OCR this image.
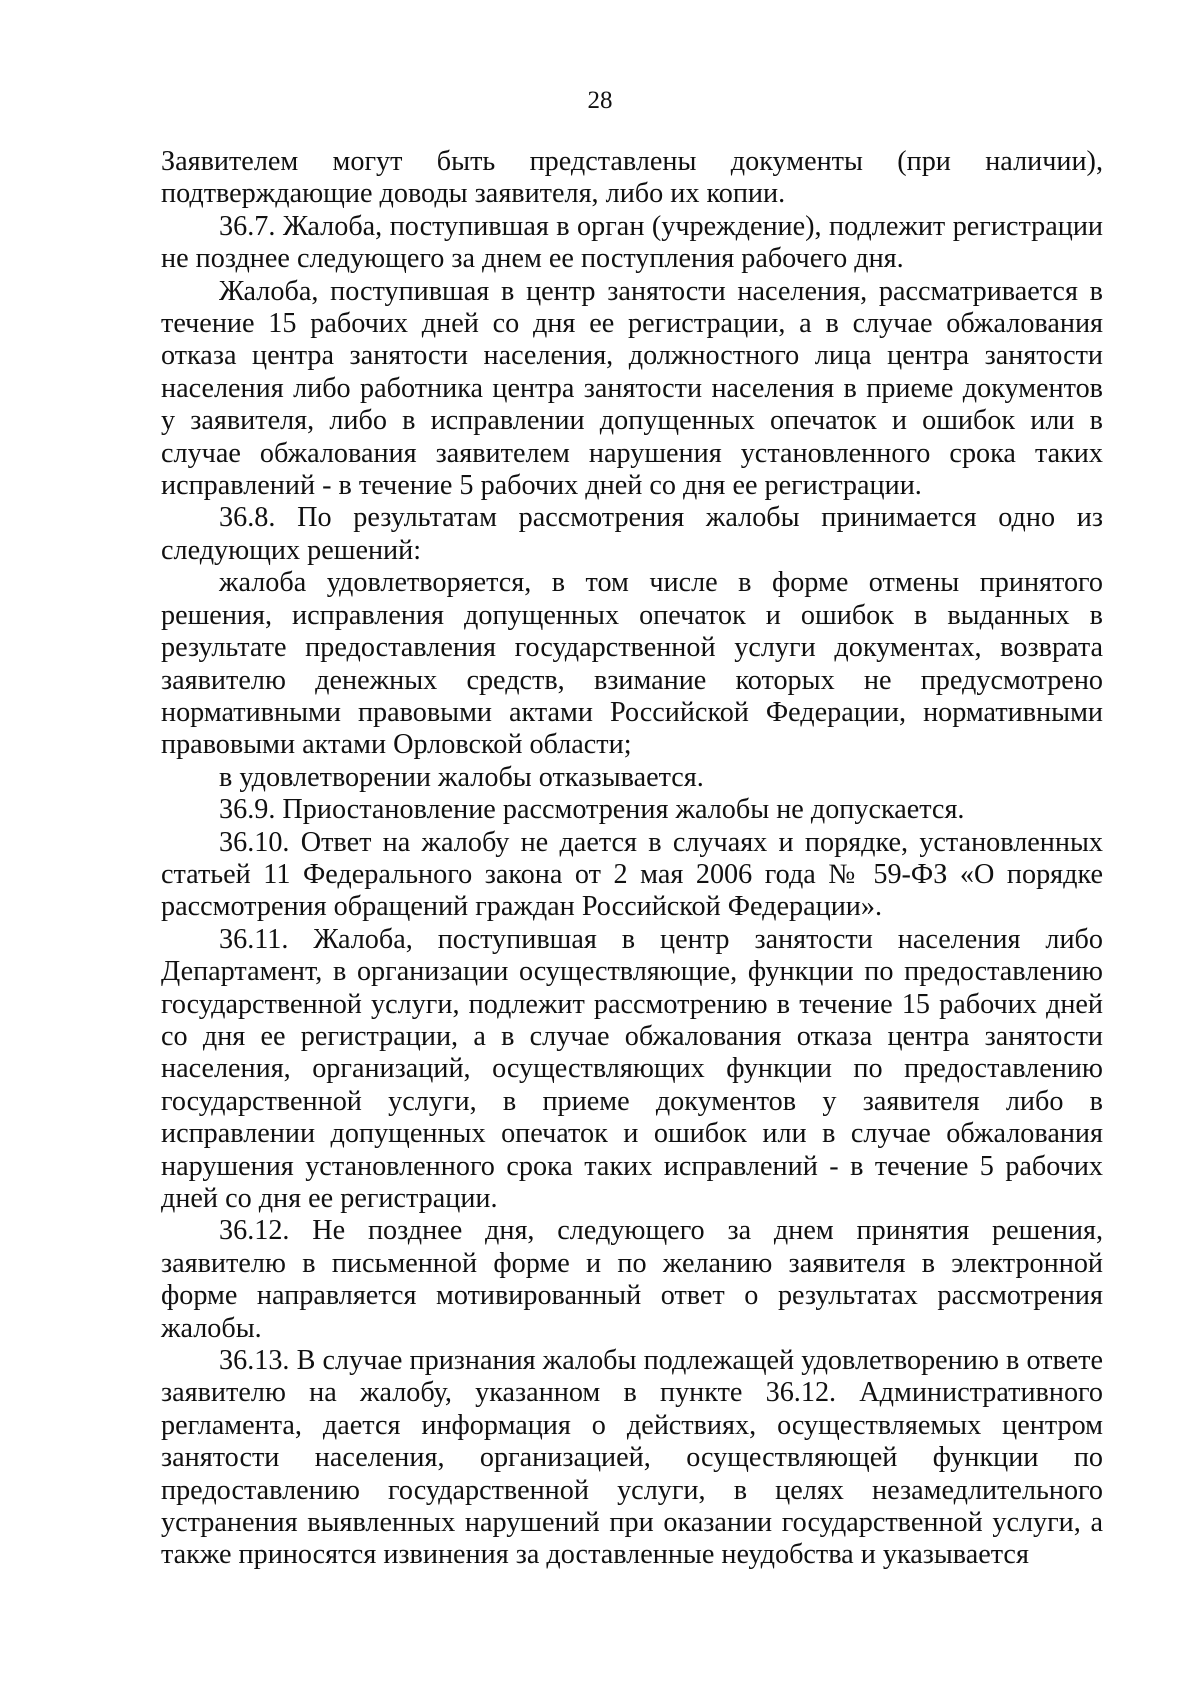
28

Заявителем могут быть представлены документы (при наличии), подтверждающие доводы заявителя, либо их копии.

36.7. Жалоба, поступившая в орган (учреждение), подлежит регистрации не позднее следующего за днем ее поступления рабочего дня.

Жалоба, поступившая в центр занятости населения, рассматривается в течение 15 рабочих дней со дня ее регистрации, а в случае обжалования отказа центра занятости населения, должностного лица центра занятости населения либо работника центра занятости населения в приеме документов у заявителя, либо в исправлении допущенных опечаток и ошибок или в случае обжалования заявителем нарушения установленного срока таких исправлений - в течение 5 рабочих дней со дня ее регистрации.

36.8. По результатам рассмотрения жалобы принимается одно из следующих решений:

жалоба удовлетворяется, в том числе в форме отмены принятого решения, исправления допущенных опечаток и ошибок в выданных в результате предоставления государственной услуги документах, возврата заявителю денежных средств, взимание которых не предусмотрено нормативными правовыми актами Российской Федерации, нормативными правовыми актами Орловской области;

в удовлетворении жалобы отказывается.

36.9. Приостановление рассмотрения жалобы не допускается.

36.10. Ответ на жалобу не дается в случаях и порядке, установленных статьей 11 Федерального закона от 2 мая 2006 года № 59-ФЗ «О порядке рассмотрения обращений граждан Российской Федерации».

36.11. Жалоба, поступившая в центр занятости населения либо Департамент, в организации осуществляющие, функции по предоставлению государственной услуги, подлежит рассмотрению в течение 15 рабочих дней со дня ее регистрации, а в случае обжалования отказа центра занятости населения, организаций, осуществляющих функции по предоставлению государственной услуги, в приеме документов у заявителя либо в исправлении допущенных опечаток и ошибок или в случае обжалования нарушения установленного срока таких исправлений - в течение 5 рабочих дней со дня ее регистрации.

36.12. Не позднее дня, следующего за днем принятия решения, заявителю в письменной форме и по желанию заявителя в электронной форме направляется мотивированный ответ о результатах рассмотрения жалобы.

36.13. В случае признания жалобы подлежащей удовлетворению в ответе заявителю на жалобу, указанном в пункте 36.12. Административного регламента, дается информация о действиях, осуществляемых центром занятости населения, организацией, осуществляющей функции по предоставлению государственной услуги, в целях незамедлительного устранения выявленных нарушений при оказании государственной услуги, а также приносятся извинения за доставленные неудобства и указывается
